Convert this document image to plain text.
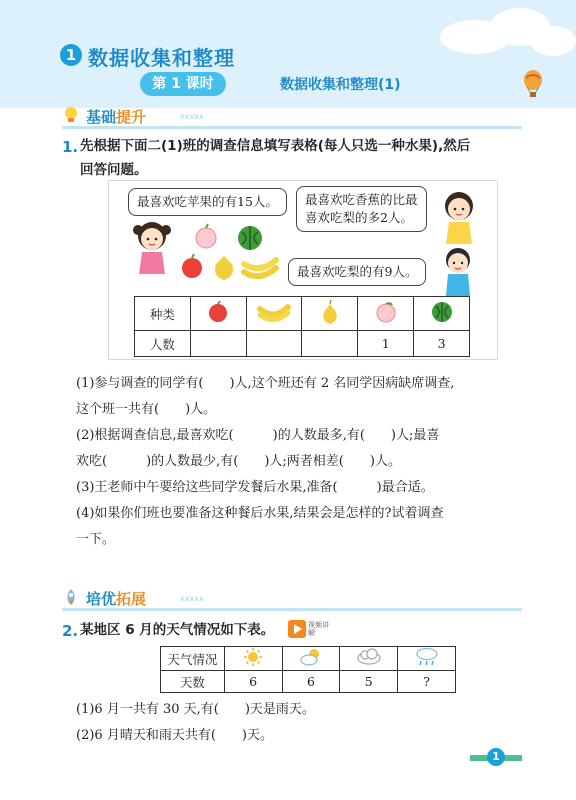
1 数据收集和整理
第 1 课时	数据收集和整理(1)
基础提升	xxxxx
1. 先根据下面二(1)班的调查信息填写表格(每人只选一种水果),然后
回答问题。
最喜欢吃苹果的有15人。	最喜欢吃香蕉的比最
喜欢吃梨的多2人。
最喜欢吃梨的有9人。
种类					
人数				1	3
(1)参与调查的同学有(　　)人,这个班还有 2 名同学因病缺席调查,
这个班一共有(　　)人。
(2)根据调查信息,最喜欢吃(　　　)的人数最多,有(　　)人;最喜
欢吃(　　　)的人数最少,有(　　)人;两者相差(　　)人。
(3)王老师中午要给这些同学发餐后水果,准备(　　　)最合适。
(4)如果你们班也要准备这种餐后水果,结果会是怎样的?试着调查
一下。
培优拓展	xxxxx
2. 某地区 6 月的天气情况如下表。	视频讲解
天气情况				
天数	6	6	5	?
(1)6 月一共有 30 天,有(　　)天是雨天。
(2)6 月晴天和雨天共有(　　)天。
1
